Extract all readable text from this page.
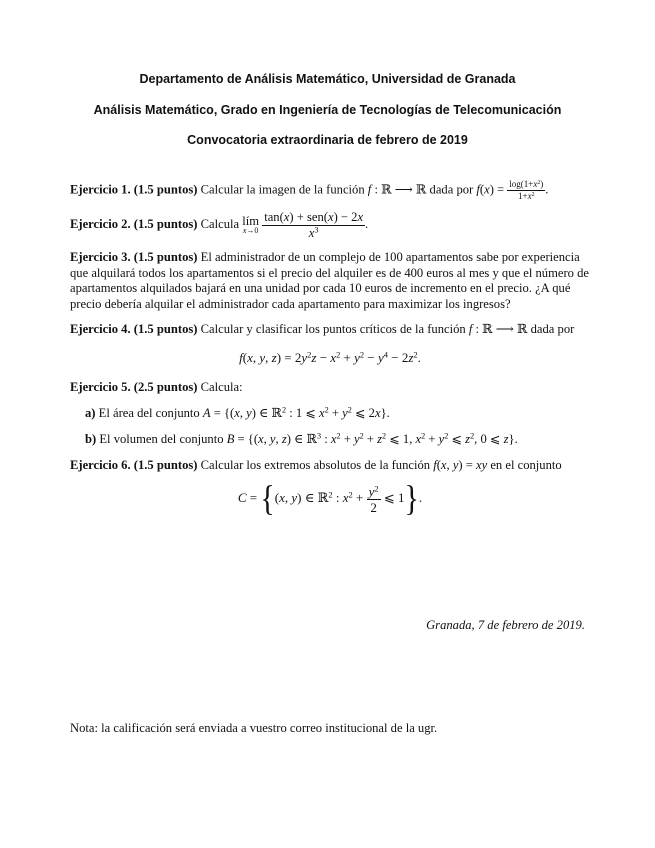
Departamento de Análisis Matemático, Universidad de Granada
Análisis Matemático, Grado en Ingeniería de Tecnologías de Telecomunicación
Convocatoria extraordinaria de febrero de 2019
Ejercicio 1. (1.5 puntos) Calcular la imagen de la función f : ℝ ⟶ ℝ dada por $f(x) = \frac{\log(1+x^2)}{1+x^2}$ .
Ejercicio 2. (1.5 puntos) Calcula lím
x→0
$\frac{\text{tan(x) + sen(x) − 2x}}{x^3}$ .
Ejercicio 3. (1.5 puntos) El administrador de un complejo de 100 apartamentos sabe por experiencia que alquilará todos los apartamentos si el precio del alquiler es de 400 euros al mes y que el número de apartamentos alquilados bajará en una unidad por cada 10 euros de incremento en el precio. ¿A qué precio debería alquilar el administrador cada apartamento para maximizar los ingresos?
Ejercicio 4. (1.5 puntos) Calcular y clasificar los puntos críticos de la función f : ℝ ⟶ ℝ dada por
f(x, y, $z) = 2y^2z - x^2 + y^2 - y^4 - 2z^2$.
Ejercicio 5. (2.5 puntos) Calcula:
a) El área del conjunto A = {(x, y) ∈ ℝ$^2$ : 1 ⩽ $x^2 + y^2$ ⩽ 2x}.
b) El volumen del conjunto B = {(x, y, z) ∈ ℝ$^3$ : $x^2 + y^2 + z^2$ ⩽ 1, $x^2 + y^2$ ⩽ $z^2$, 0 ⩽ z}.
Ejercicio 6. (1.5 puntos) Calcular los extremos absolutos de la función f(x, y) = xy en el conjunto
C = {(x, y) ∈ ℝ$^2$ : $x^2 + \frac{y^2}{2}$ ⩽ 1}.
Granada, 7 de febrero de 2019.
Nota: la calificación será enviada a vuestro correo institucional de la ugr.
